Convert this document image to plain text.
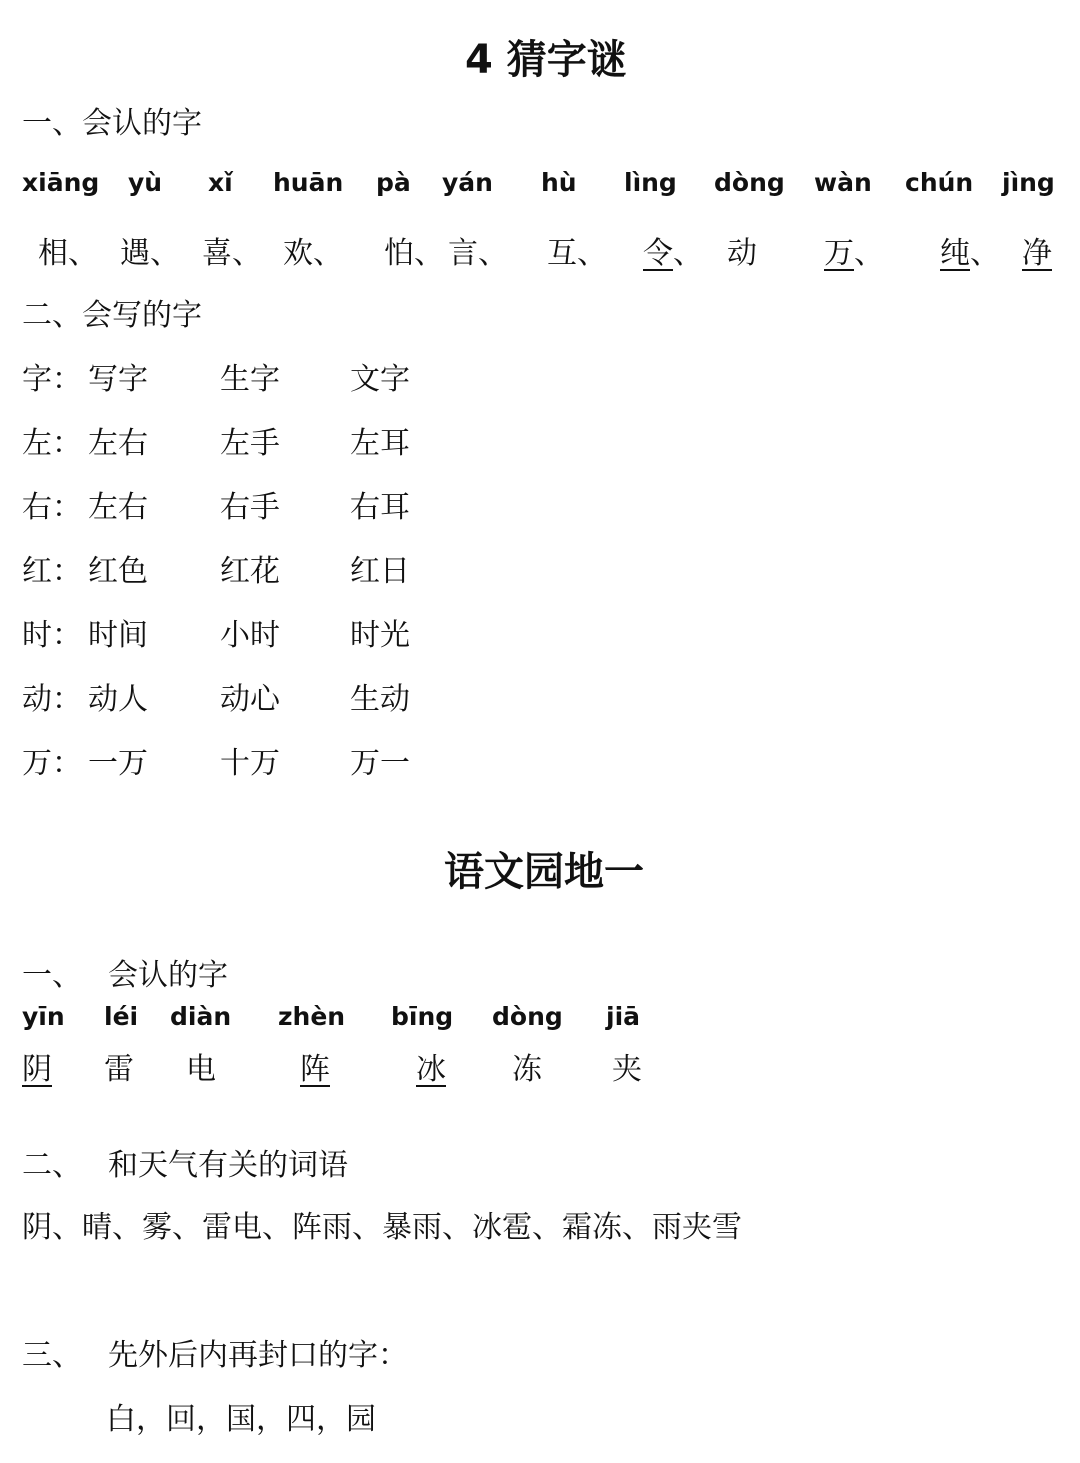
4 猜字谜
一、会认的字
xiāng yù xǐ huān pà yán hù lìng dòng wàn chún jìng
相、 遇、 喜、 欢、 怕、 言、 互、 令、 动 万、 纯、 净
二、会写的字
字： 写字 生字 文字
左： 左右 左手 左耳
右： 左右 右手 右耳
红： 红色 红花 红日
时： 时间 小时 时光
动： 动人 动心 生动
万： 一万 十万 万一
语文园地一
一、 会认的字
yīn léi diàn zhèn bīng dòng jiā
阴 雷 电	阵	冰 冻 夹
二、 和天气有关的词语
阴、晴、雾、雷电、阵雨、暴雨、冰雹、霜冻、雨夹雪
三、 先外后内再封口的字：
白，回，国，四，园
